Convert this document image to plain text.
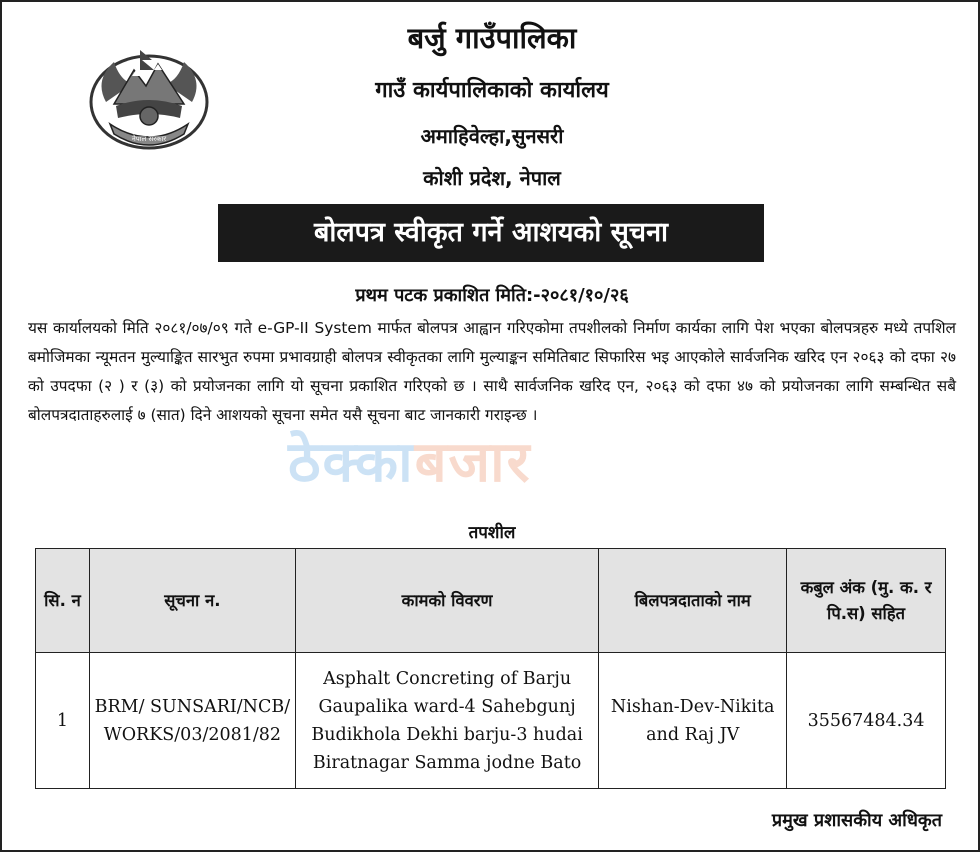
नेपाल सरकार
बर्जु गाउँपालिका
गाउँ कार्यपालिकाको कार्यालय
अमाहिवेल्हा,सुनसरी
कोशी प्रदेश, नेपाल
बोलपत्र स्वीकृत गर्ने आशयको सूचना
प्रथम पटक प्रकाशित मिति:-२०८१/१०/२६
यस कार्यालयको मिति २०८१/०७/०९ गते e-GP-II System मार्फत बोलपत्र आह्वान गरिएकोमा तपशीलको निर्माण कार्यका लागि पेश भएका बोलपत्रहरु मध्ये तपशिल बमोजिमका न्यूमतन मुल्याङ्कित सारभुत रुपमा प्रभावग्राही बोलपत्र स्वीकृतका लागि मुल्याङ्कन समितिबाट सिफारिस भइ आएकोले सार्वजनिक खरिद एन २०६३ को दफा २७ को उपदफा (२ ) र (३) को प्रयोजनका लागि यो सूचना प्रकाशित गरिएको छ । साथै सार्वजनिक खरिद एन, २०६३ को दफा ४७ को प्रयोजनका लागि सम्बन्धित सबै बोलपत्रदाताहरुलाई ७ (सात) दिने आशयको सूचना समेत यसै सूचना बाट जानकारी गराइन्छ ।
ठेक्काबजार
तपशील
सि. न	सूचना न.	कामको विवरण	बिलपत्रदाताको नाम	कबुल अंक (मु. क. र पि.स) सहित
1	BRM/ SUNSARI/NCB/ WORKS/03/2081/82	Asphalt Concreting of Barju Gaupalika ward-4 Sahebgunj Budikhola Dekhi barju-3 hudai Biratnagar Samma jodne Bato	Nishan-Dev-Nikita and Raj JV	35567484.34
प्रमुख प्रशासकीय अधिकृत
